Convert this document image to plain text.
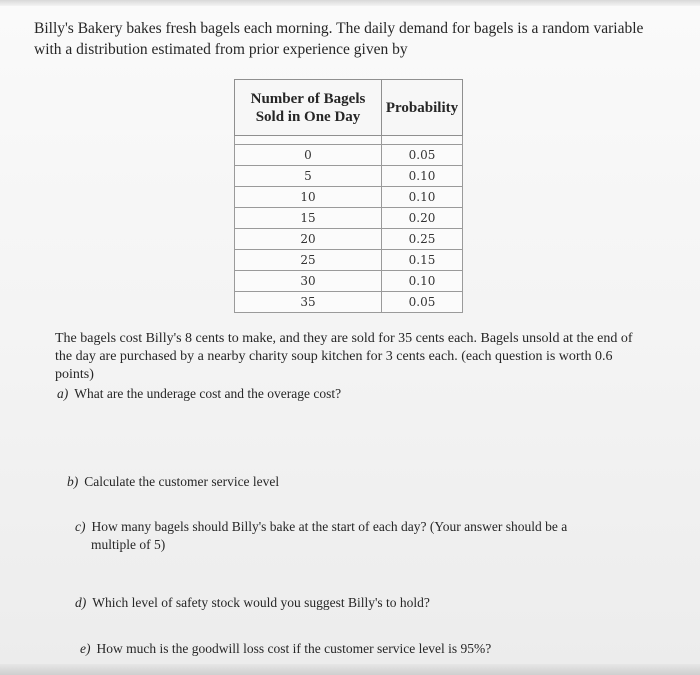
Billy's Bakery bakes fresh bagels each morning. The daily demand for bagels is a random variable with a distribution estimated from prior experience given by
Number of Bagels Sold in One Day	Probability

0	0.05
5	0.10
10	0.10
15	0.20
20	0.25
25	0.15
30	0.10
35	0.05
The bagels cost Billy's 8 cents to make, and they are sold for 35 cents each. Bagels unsold at the end of the day are purchased by a nearby charity soup kitchen for 3 cents each. (each question is worth 0.6 points)
a) What are the underage cost and the overage cost?
b) Calculate the customer service level
c) How many bagels should Billy's bake at the start of each day? (Your answer should be a
multiple of 5)
d) Which level of safety stock would you suggest Billy's to hold?
e) How much is the goodwill loss cost if the customer service level is 95%?
